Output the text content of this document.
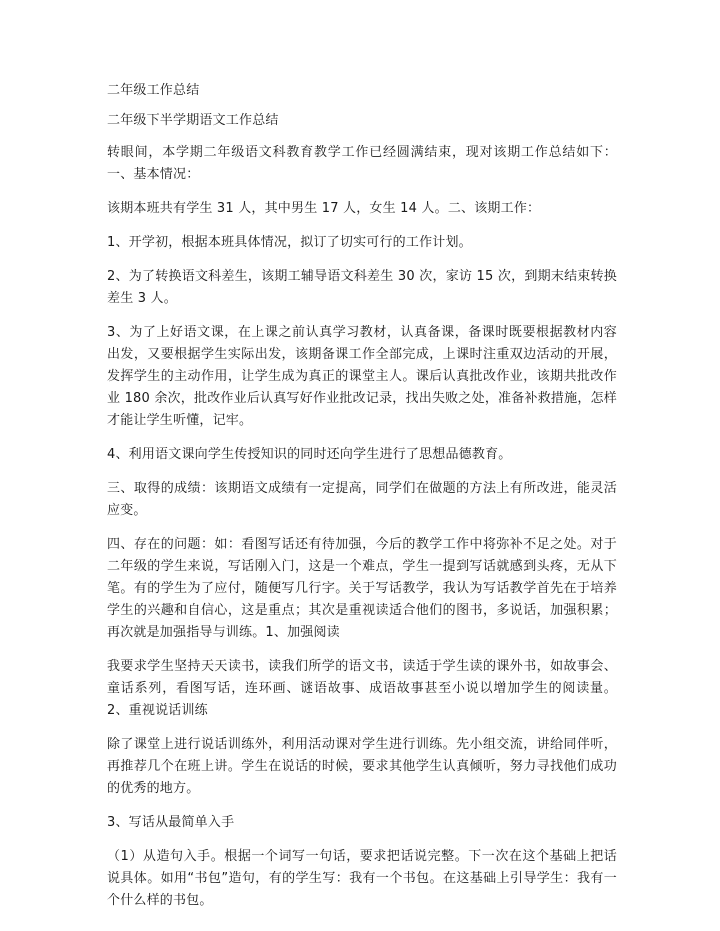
二年级工作总结

二年级下半学期语文工作总结

转眼间，本学期二年级语文科教育教学工作已经圆满结束，现对该期工作总结如下：一、基本情况：

该期本班共有学生 31 人，其中男生 17 人，女生 14 人。二、该期工作：

1、开学初，根据本班具体情况，拟订了切实可行的工作计划。

2、为了转换语文科差生，该期工辅导语文科差生 30 次，家访 15 次，到期末结束转换差生 3 人。

3、为了上好语文课，在上课之前认真学习教材，认真备课，备课时既要根据教材内容出发，又要根据学生实际出发，该期备课工作全部完成，上课时注重双边活动的开展，发挥学生的主动作用，让学生成为真正的课堂主人。课后认真批改作业，该期共批改作业 180 余次，批改作业后认真写好作业批改记录，找出失败之处，准备补救措施，怎样才能让学生听懂，记牢。

4、利用语文课向学生传授知识的同时还向学生进行了思想品德教育。

三、取得的成绩：该期语文成绩有一定提高，同学们在做题的方法上有所改进，能灵活应变。

四、存在的问题：如：看图写话还有待加强，今后的教学工作中将弥补不足之处。对于二年级的学生来说，写话刚入门，这是一个难点，学生一提到写话就感到头疼，无从下笔。有的学生为了应付，随便写几行字。关于写话教学，我认为写话教学首先在于培养学生的兴趣和自信心，这是重点；其次是重视读适合他们的图书，多说话，加强积累；再次就是加强指导与训练。1、加强阅读

我要求学生坚持天天读书，读我们所学的语文书，读适于学生读的课外书，如故事会、童话系列，看图写话，连环画、谜语故事、成语故事甚至小说以增加学生的阅读量。2、重视说话训练

除了课堂上进行说话训练外，利用活动课对学生进行训练。先小组交流，讲给同伴听，再推荐几个在班上讲。学生在说话的时候，要求其他学生认真倾听，努力寻找他们成功的优秀的地方。

3、写话从最简单入手

（1）从造句入手。根据一个词写一句话，要求把话说完整。下一次在这个基础上把话说具体。如用“书包”造句，有的学生写：我有一个书包。在这基础上引导学生：我有一个什么样的书包。
